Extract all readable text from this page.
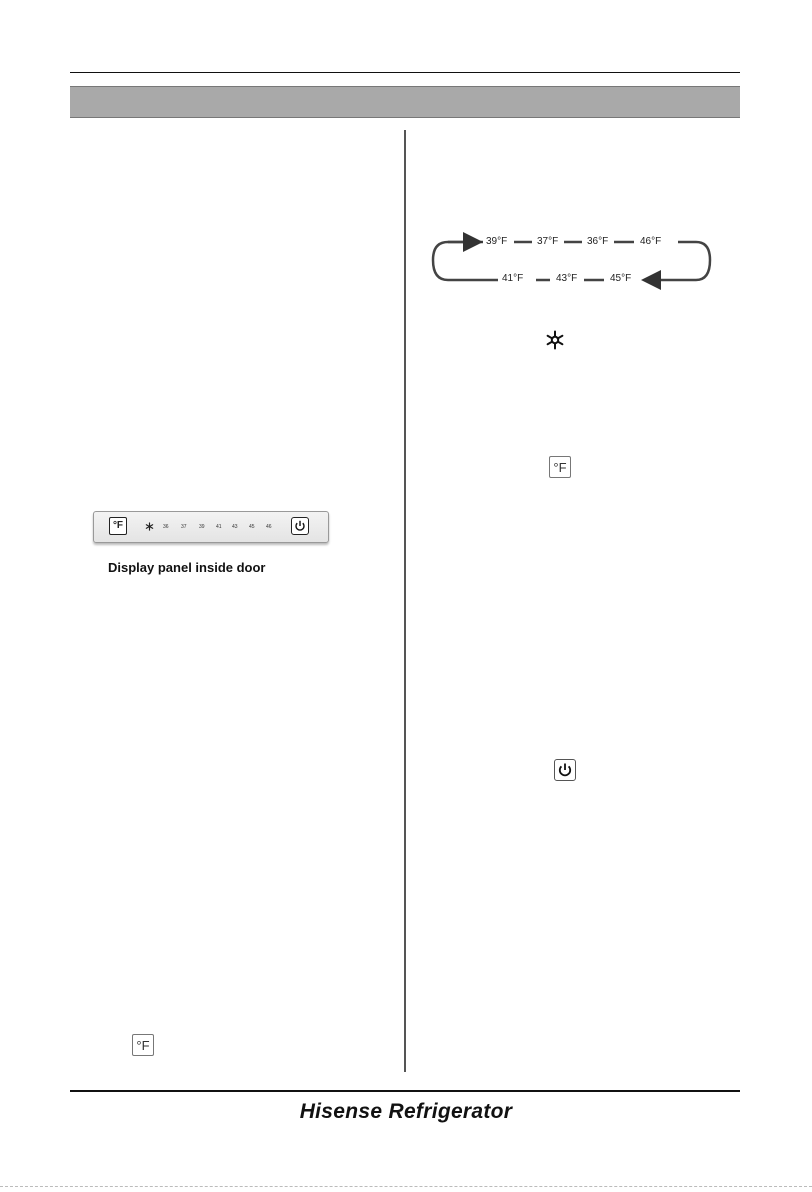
°F	36 37 39 41 43 45 46
Display panel inside door
°F
39°F	37°F	36°F	46°F
41°F	43°F	45°F
°F
Hisense Refrigerator
